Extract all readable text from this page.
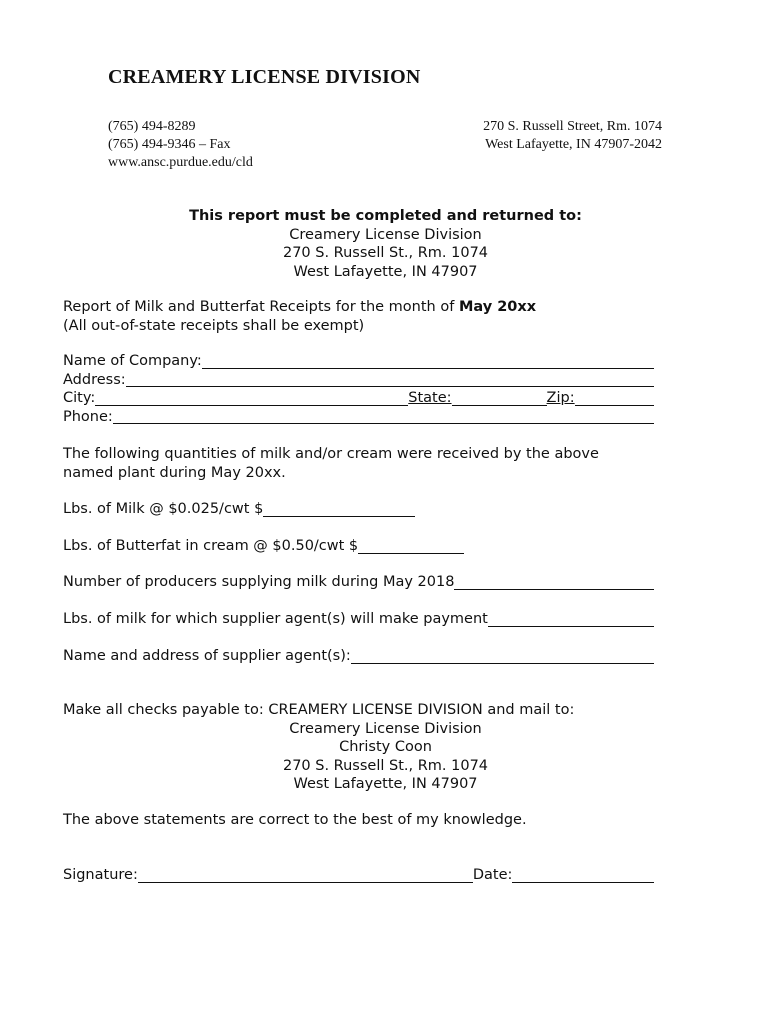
CREAMERY LICENSE DIVISION
(765) 494-8289
(765) 494-9346 – Fax
www.ansc.purdue.edu/cld
270 S. Russell Street, Rm. 1074
West Lafayette, IN 47907-2042
This report must be completed and returned to:
Creamery License Division
270 S. Russell St., Rm. 1074
West Lafayette, IN 47907
Report of Milk and Butterfat Receipts for the month of May 20xx
(All out-of-state receipts shall be exempt)
Name of Company:
Address:
City:	State:	Zip:
Phone:
The following quantities of milk and/or cream were received by the above
named plant during May 20xx.
Lbs. of Milk @ $0.025/cwt $
Lbs. of Butterfat in cream @ $0.50/cwt $
Number of producers supplying milk during May 2018
Lbs. of milk for which supplier agent(s) will make payment
Name and address of supplier agent(s):
Make all checks payable to: CREAMERY LICENSE DIVISION and mail to:
Creamery License Division
Christy Coon
270 S. Russell St., Rm. 1074
West Lafayette, IN 47907
The above statements are correct to the best of my knowledge.
Signature:	Date:
